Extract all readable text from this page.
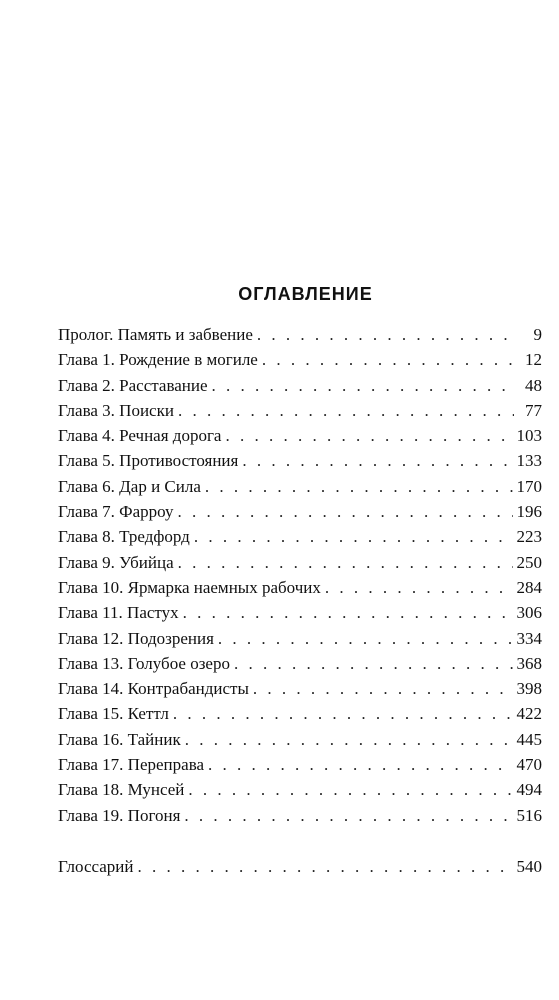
ОГЛАВЛЕНИЕ
Пролог. Память и забвение . . .	9
Глава 1. Рождение в могиле . . .	12
Глава 2. Расставание . . .	48
Глава 3. Поиски . . .	77
Глава 4. Речная дорога . . .	103
Глава 5. Противостояния . . .	133
Глава 6. Дар и Сила . . .	170
Глава 7. Фарроу . . .	196
Глава 8. Тредфорд . . .	223
Глава 9. Убийца . . .	250
Глава 10. Ярмарка наемных рабочих . . .	284
Глава 11. Пастух . . .	306
Глава 12. Подозрения . . .	334
Глава 13. Голубое озеро . . .	368
Глава 14. Контрабандисты . . .	398
Глава 15. Кеттл . . .	422
Глава 16. Тайник . . .	445
Глава 17. Переправа . . .	470
Глава 18. Мунсей . . .	494
Глава 19. Погоня . . .	516
Глоссарий . . .	540
